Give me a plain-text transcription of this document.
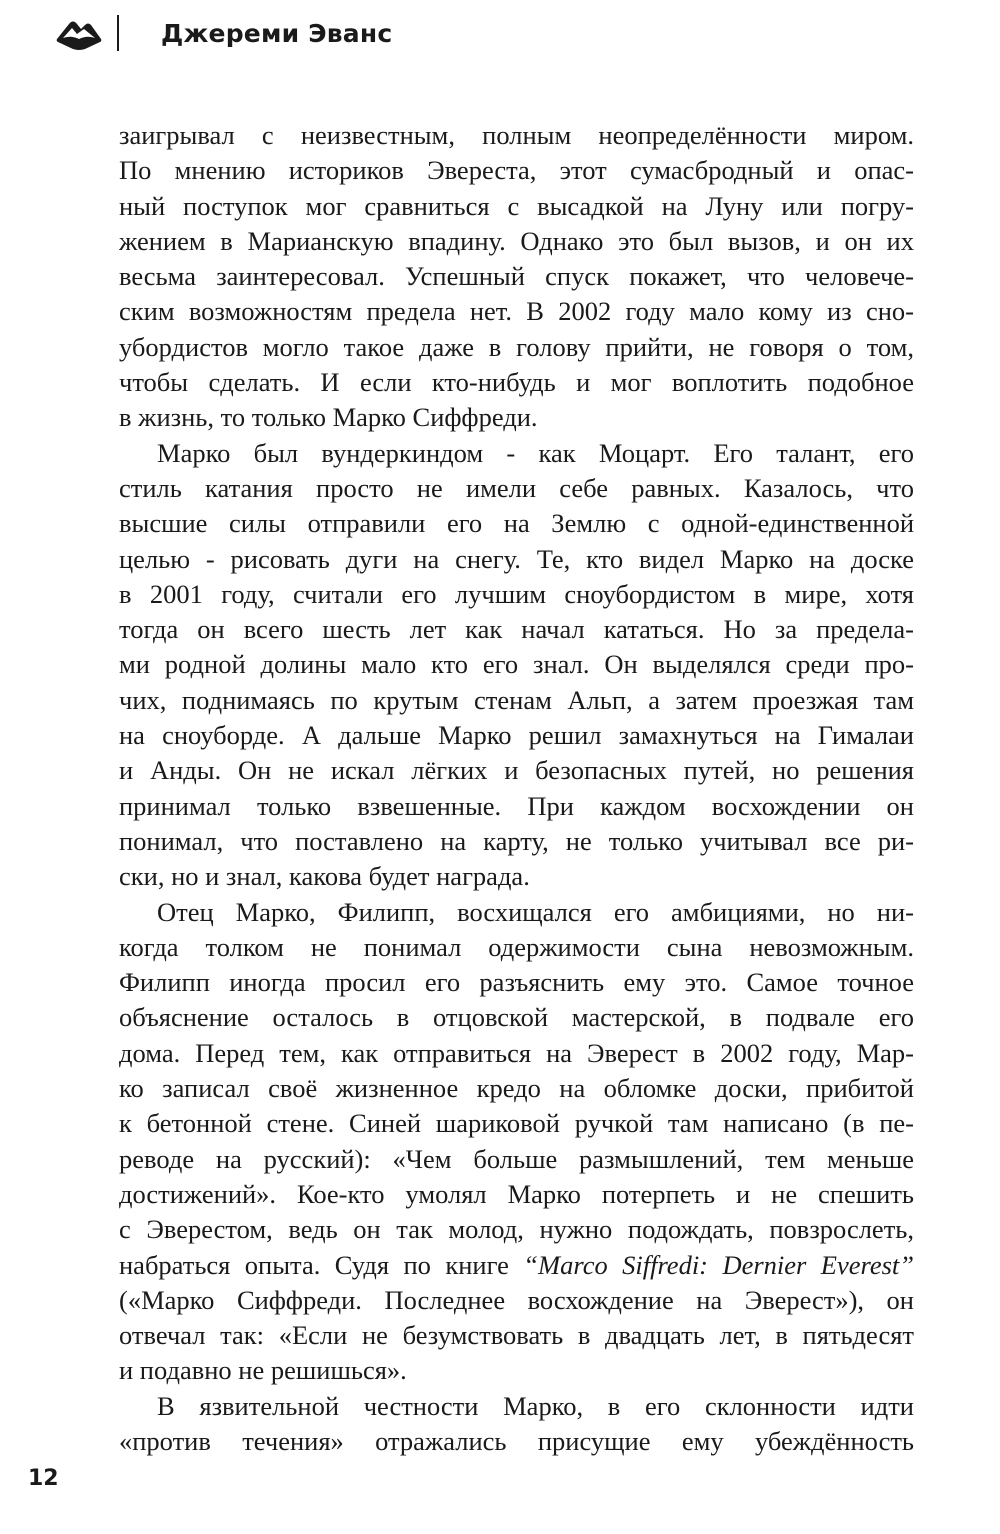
Джереми Эванс
заигрывал с неизвестным, полным неопределённости миром.
По мнению историков Эвереста, этот сумасбродный и опас-
ный поступок мог сравниться с высадкой на Луну или погру-
жением в Марианскую впадину. Однако это был вызов, и он их
весьма заинтересовал. Успешный спуск покажет, что человече-
ским возможностям предела нет. В 2002 году мало кому из сно-
убордистов могло такое даже в голову прийти, не говоря о том,
чтобы сделать. И если кто-нибудь и мог воплотить подобное
в жизнь, то только Марко Сиффреди.
Марко был вундеркиндом - как Моцарт. Его талант, его
стиль катания просто не имели себе равных. Казалось, что
высшие силы отправили его на Землю с одной-единственной
целью - рисовать дуги на снегу. Те, кто видел Марко на доске
в 2001 году, считали его лучшим сноубордистом в мире, хотя
тогда он всего шесть лет как начал кататься. Но за предела-
ми родной долины мало кто его знал. Он выделялся среди про-
чих, поднимаясь по крутым стенам Альп, а затем проезжая там
на сноуборде. А дальше Марко решил замахнуться на Гималаи
и Анды. Он не искал лёгких и безопасных путей, но решения
принимал только взвешенные. При каждом восхождении он
понимал, что поставлено на карту, не только учитывал все ри-
ски, но и знал, какова будет награда.
Отец Марко, Филипп, восхищался его амбициями, но ни-
когда толком не понимал одержимости сына невозможным.
Филипп иногда просил его разъяснить ему это. Самое точное
объяснение осталось в отцовской мастерской, в подвале его
дома. Перед тем, как отправиться на Эверест в 2002 году, Мар-
ко записал своё жизненное кредо на обломке доски, прибитой
к бетонной стене. Синей шариковой ручкой там написано (в пе-
реводе на русский): «Чем больше размышлений, тем меньше
достижений». Кое-кто умолял Марко потерпеть и не спешить
с Эверестом, ведь он так молод, нужно подождать, повзрослеть,
набраться опыта. Судя по книге “Marco Siffredi: Dernier Everest”
(«Марко Сиффреди. Последнее восхождение на Эверест»), он
отвечал так: «Если не безумствовать в двадцать лет, в пятьдесят
и подавно не решишься».
В язвительной честности Марко, в его склонности идти
«против течения» отражались присущие ему убеждённость
12
